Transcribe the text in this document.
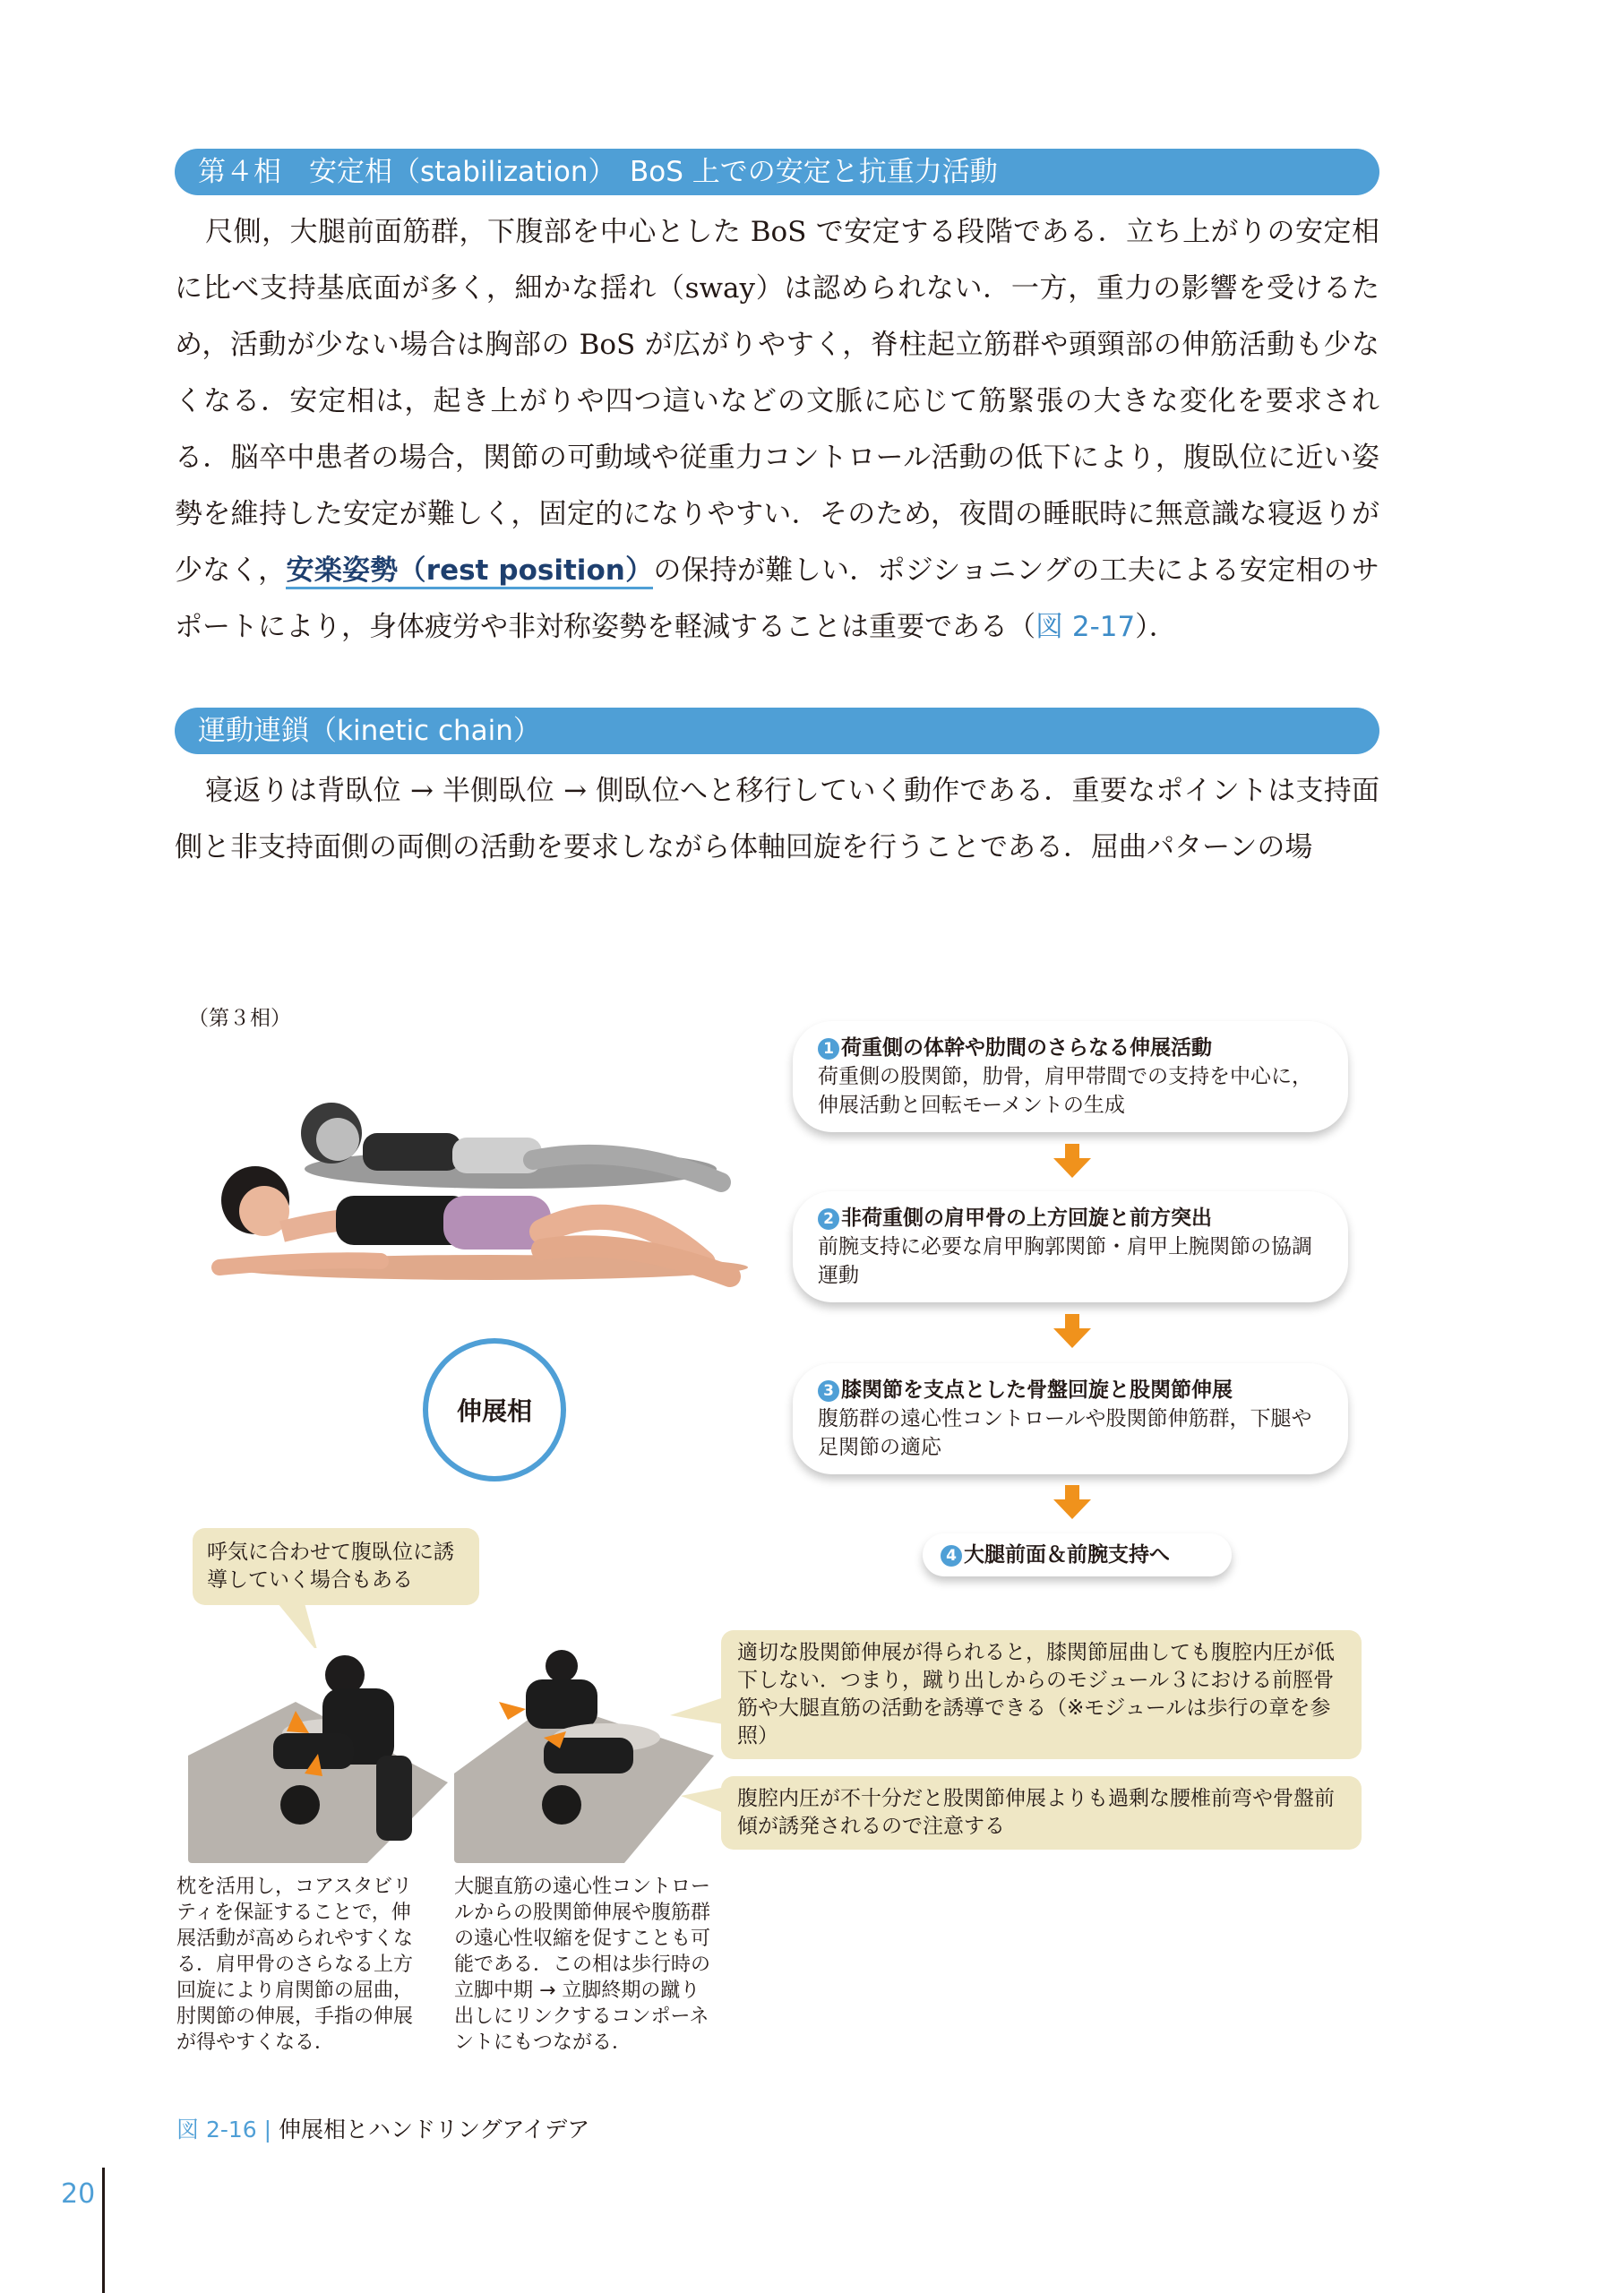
第４相　安定相（stabilization）　BoS 上での安定と抗重力活動
尺側，大腿前面筋群，下腹部を中心とした BoS で安定する段階である．立ち上がりの安定相に比べ支持基底面が多く，細かな揺れ（sway）は認められない．一方，重力の影響を受けるため，活動が少ない場合は胸部の BoS が広がりやすく，脊柱起立筋群や頭頸部の伸筋活動も少なくなる．安定相は，起き上がりや四つ這いなどの文脈に応じて筋緊張の大きな変化を要求される．脳卒中患者の場合，関節の可動域や従重力コントロール活動の低下により，腹臥位に近い姿勢を維持した安定が難しく，固定的になりやすい．そのため，夜間の睡眠時に無意識な寝返りが少なく，安楽姿勢（rest position）の保持が難しい．ポジショニングの工夫による安定相のサポートにより，身体疲労や非対称姿勢を軽減することは重要である（図 2-17）．
運動連鎖（kinetic chain）
寝返りは背臥位 → 半側臥位 → 側臥位へと移行していく動作である．重要なポイントは支持面側と非支持面側の両側の活動を要求しながら体軸回旋を行うことである．屈曲パターンの場
（第３相）
伸展相
1 荷重側の体幹や肋間のさらなる伸展活動
荷重側の股関節，肋骨，肩甲帯間での支持を中心に，伸展活動と回転モーメントの生成
2 非荷重側の肩甲骨の上方回旋と前方突出
前腕支持に必要な肩甲胸郭関節・肩甲上腕関節の協調運動
3 膝関節を支点とした骨盤回旋と股関節伸展
腹筋群の遠心性コントロールや股関節伸筋群，下腿や足関節の適応
4 大腿前面＆前腕支持へ
呼気に合わせて腹臥位に誘導していく場合もある
適切な股関節伸展が得られると，膝関節屈曲しても腹腔内圧が低下しない．つまり，蹴り出しからのモジュール３における前脛骨筋や大腿直筋の活動を誘導できる（※モジュールは歩行の章を参照）
腹腔内圧が不十分だと股関節伸展よりも過剰な腰椎前弯や骨盤前傾が誘発されるので注意する
枕を活用し，コアスタビリティを保証することで，伸展活動が高められやすくなる．肩甲骨のさらなる上方回旋により肩関節の屈曲，肘関節の伸展，手指の伸展が得やすくなる．
大腿直筋の遠心性コントロールからの股関節伸展や腹筋群の遠心性収縮を促すことも可能である．この相は歩行時の立脚中期 → 立脚終期の蹴り出しにリンクするコンポーネントにもつながる．
図 2-16 | 伸展相とハンドリングアイデア
20
